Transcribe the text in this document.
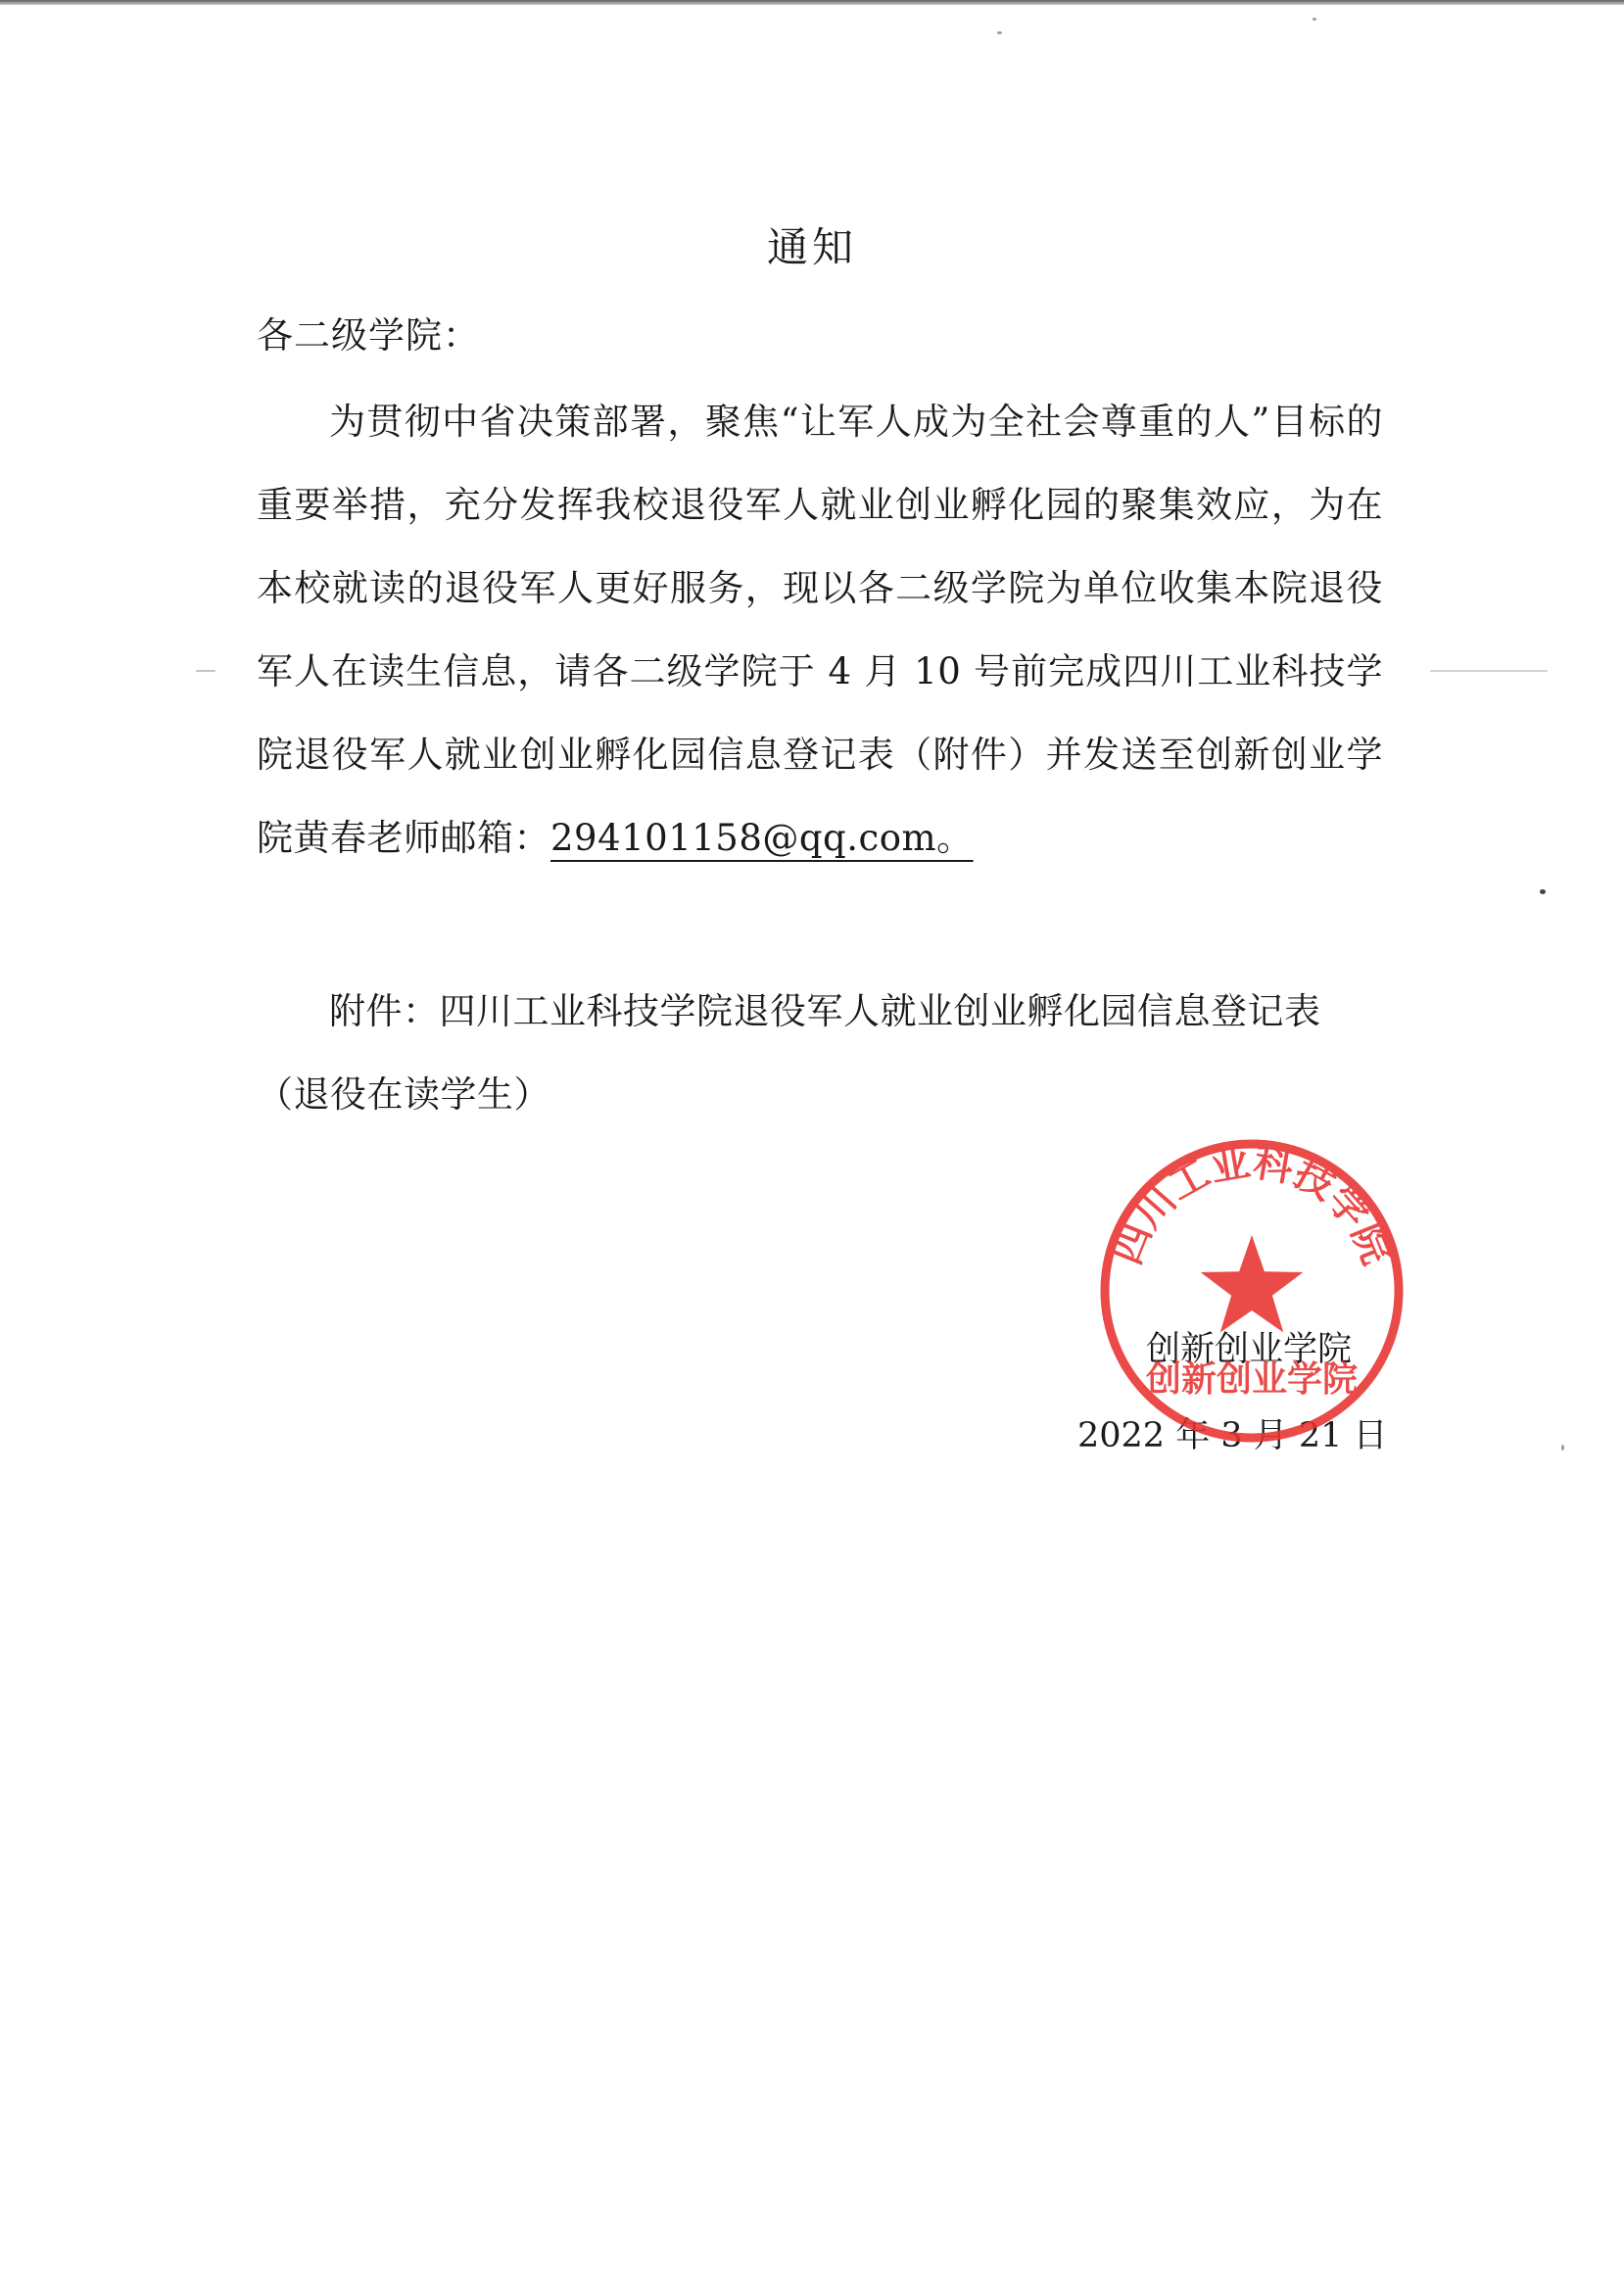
通知
各二级学院：
为贯彻中省决策部署，聚焦“让军人成为全社会尊重的人”目标的重要举措，充分发挥我校退役军人就业创业孵化园的聚集效应，为在本校就读的退役军人更好服务，现以各二级学院为单位收集本院退役军人在读生信息，请各二级学院于 4 月 10 号前完成四川工业科技学院退役军人就业创业孵化园信息登记表（附件）并发送至创新创业学院黄春老师邮箱：294101158@qq.com。
附件：四川工业科技学院退役军人就业创业孵化园信息登记表（退役在读学生）
创新创业学院
2022 年 3 月 21 日
四川工业科技学院
创新创业学院
